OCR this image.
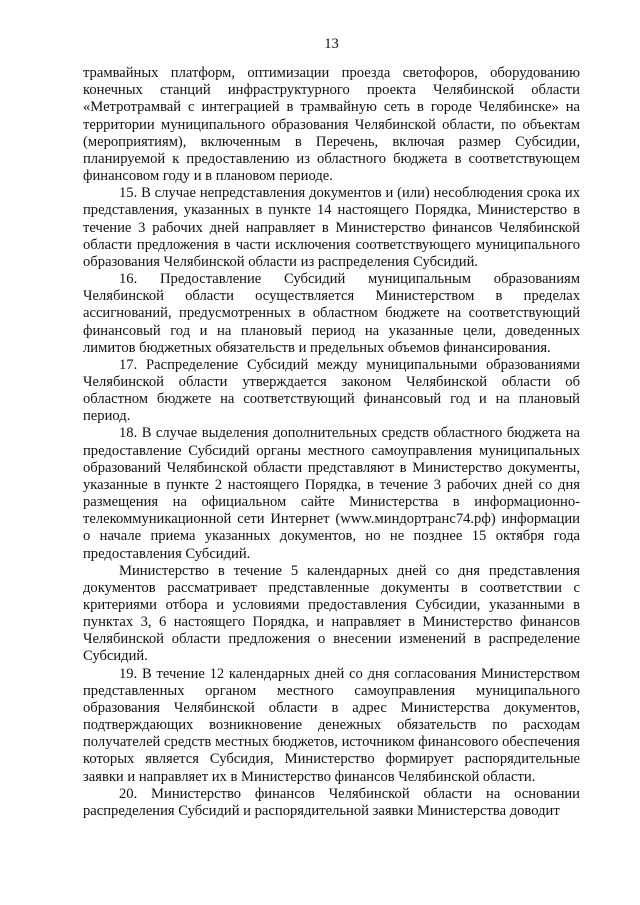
13

трамвайных платформ, оптимизации проезда светофоров, оборудованию конечных станций инфраструктурного проекта Челябинской области «Метротрамвай с интеграцией в трамвайную сеть в городе Челябинске» на территории муниципального образования Челябинской области, по объектам (мероприятиям), включенным в Перечень, включая размер Субсидии, планируемой к предоставлению из областного бюджета в соответствующем финансовом году и в плановом периоде.

15. В случае непредставления документов и (или) несоблюдения срока их представления, указанных в пункте 14 настоящего Порядка, Министерство в течение 3 рабочих дней направляет в Министерство финансов Челябинской области предложения в части исключения соответствующего муниципального образования Челябинской области из распределения Субсидий.

16. Предоставление Субсидий муниципальным образованиям Челябинской области осуществляется Министерством в пределах ассигнований, предусмотренных в областном бюджете на соответствующий финансовый год и на плановый период на указанные цели, доведенных лимитов бюджетных обязательств и предельных объемов финансирования.

17. Распределение Субсидий между муниципальными образованиями Челябинской области утверждается законом Челябинской области об областном бюджете на соответствующий финансовый год и на плановый период.

18. В случае выделения дополнительных средств областного бюджета на предоставление Субсидий органы местного самоуправления муниципальных образований Челябинской области представляют в Министерство документы, указанные в пункте 2 настоящего Порядка, в течение 3 рабочих дней со дня размещения на официальном сайте Министерства в информационно-телекоммуникационной сети Интернет (www.миндортранс74.рф) информации о начале приема указанных документов, но не позднее 15 октября года предоставления Субсидий.

Министерство в течение 5 календарных дней со дня представления документов рассматривает представленные документы в соответствии с критериями отбора и условиями предоставления Субсидии, указанными в пунктах 3, 6 настоящего Порядка, и направляет в Министерство финансов Челябинской области предложения о внесении изменений в распределение Субсидий.

19. В течение 12 календарных дней со дня согласования Министерством представленных органом местного самоуправления муниципального образования Челябинской области в адрес Министерства документов, подтверждающих возникновение денежных обязательств по расходам получателей средств местных бюджетов, источником финансового обеспечения которых является Субсидия, Министерство формирует распорядительные заявки и направляет их в Министерство финансов Челябинской области.

20. Министерство финансов Челябинской области на основании распределения Субсидий и распорядительной заявки Министерства доводит
